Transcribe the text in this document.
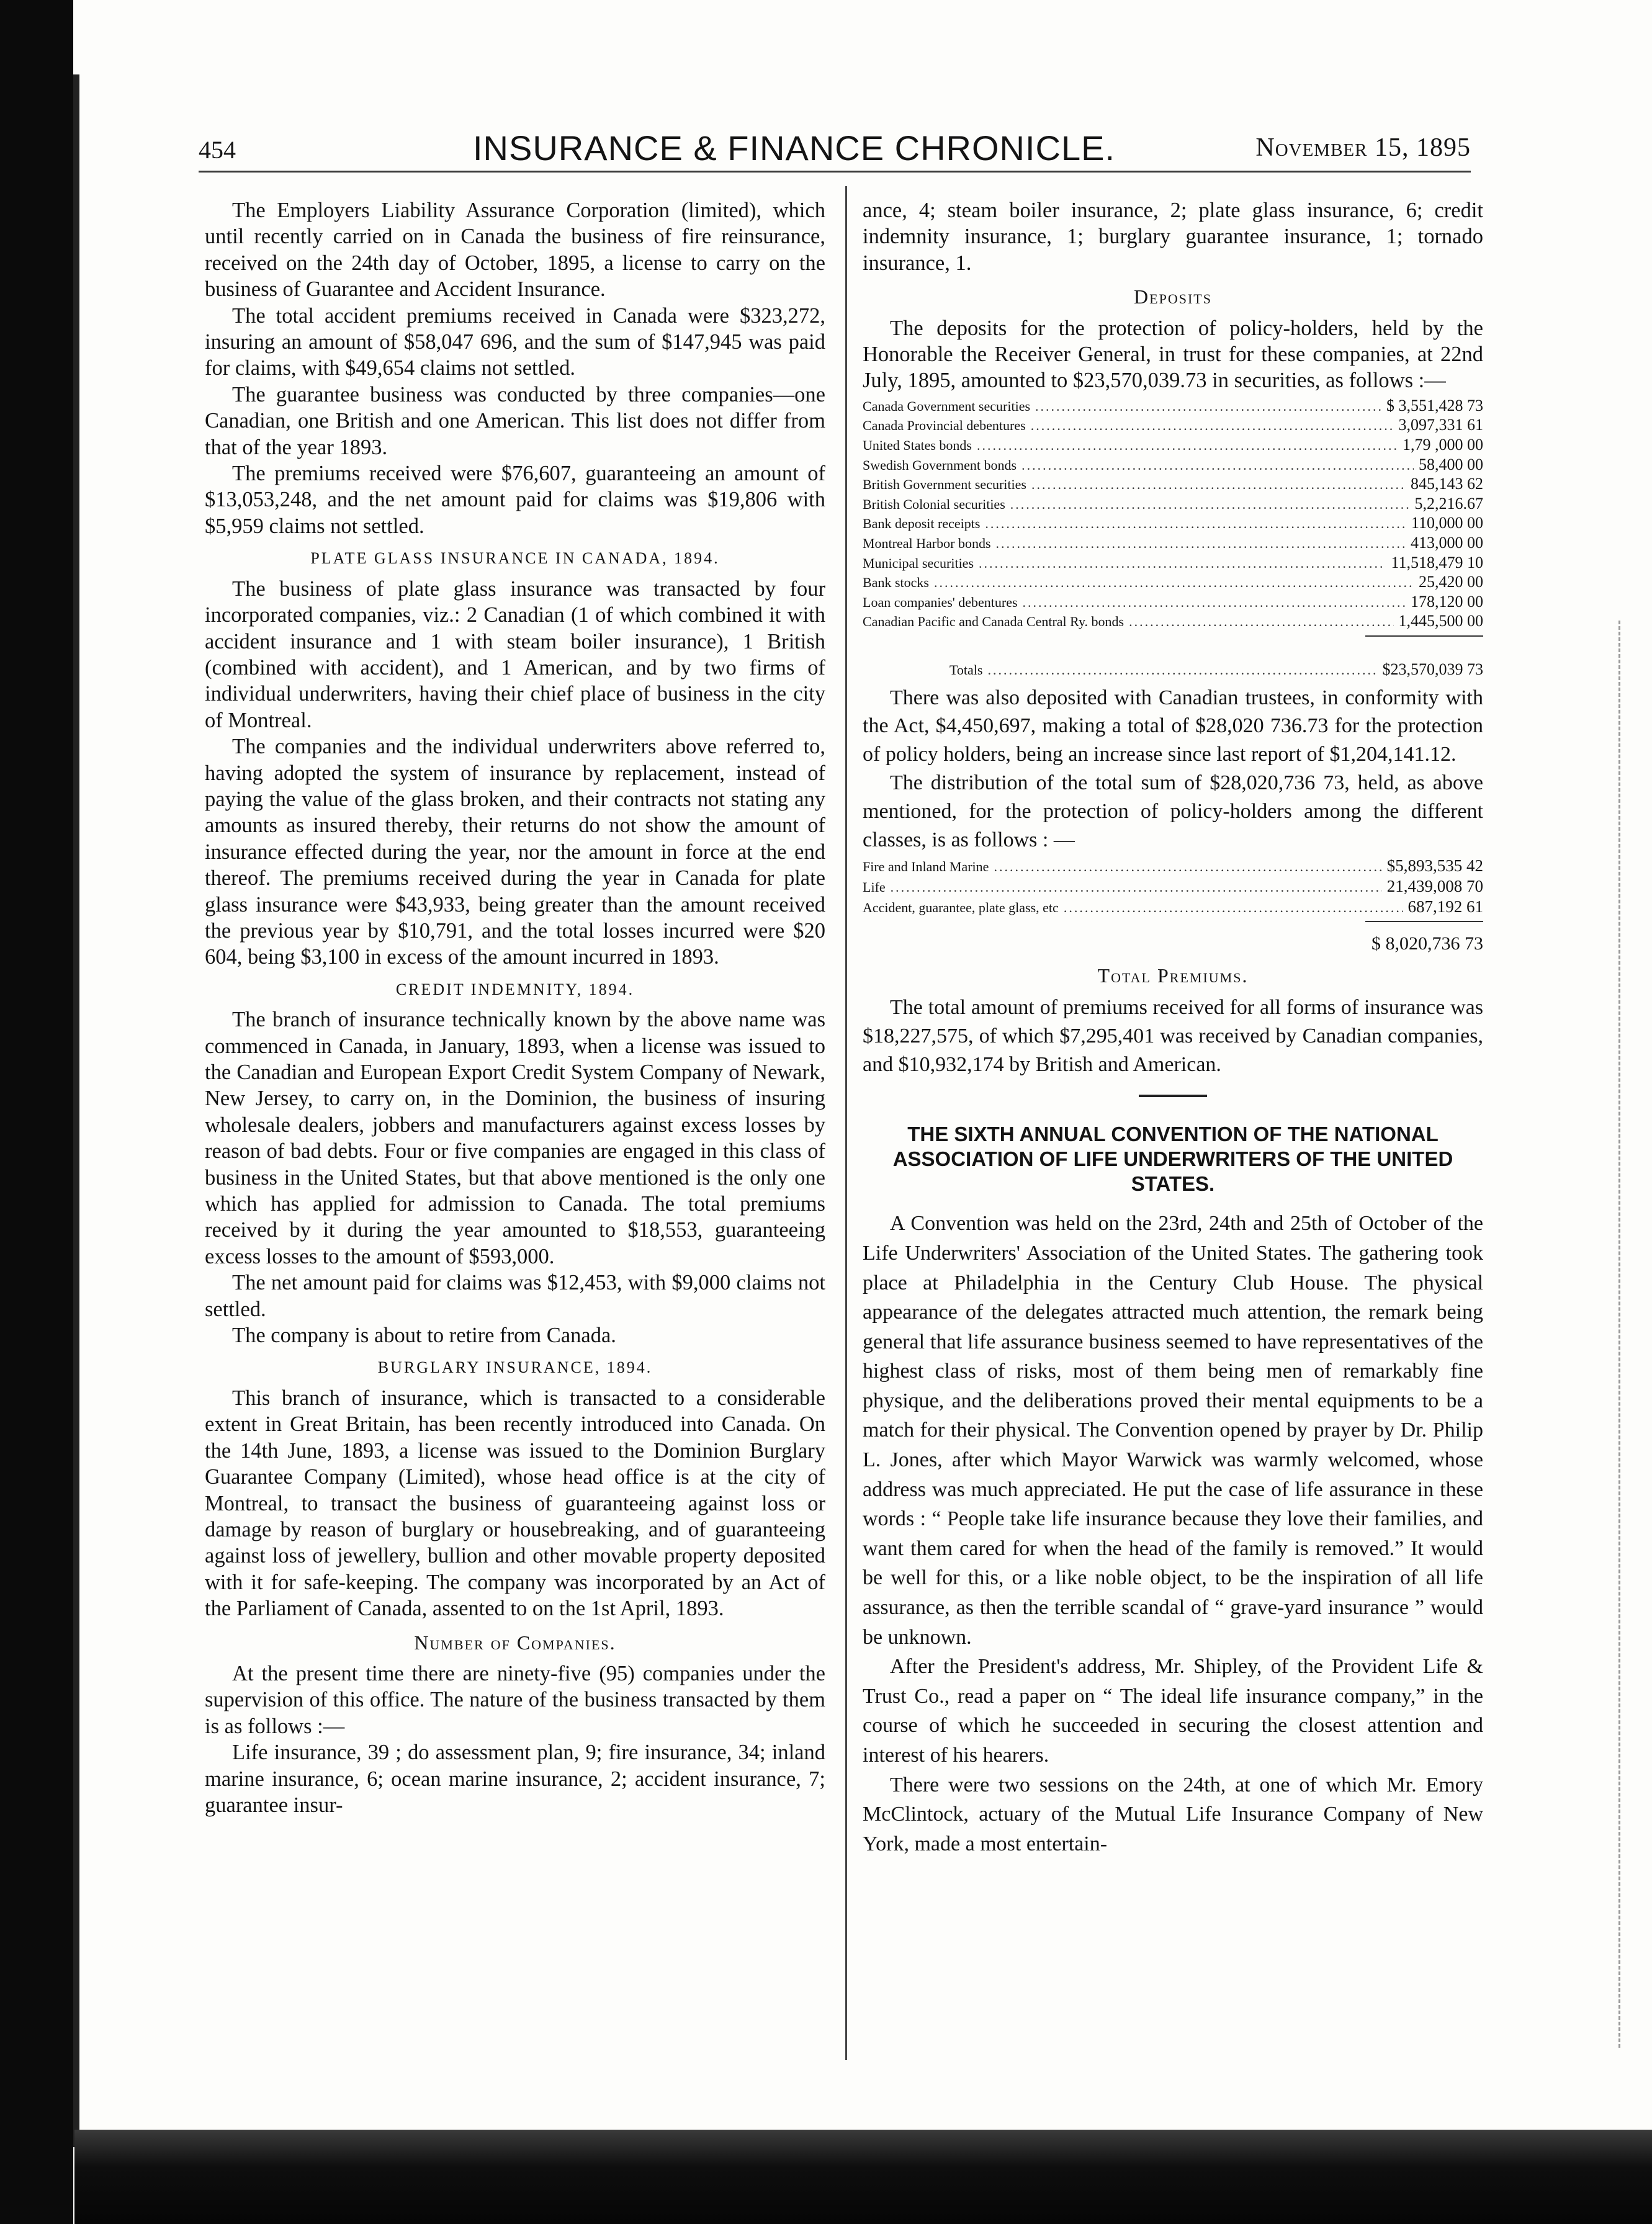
454	INSURANCE & FINANCE CHRONICLE.	November 15, 1895

The Employers Liability Assurance Corporation (limited), which until recently carried on in Canada the business of fire reinsurance, received on the 24th day of October, 1895, a license to carry on the business of Guarantee and Accident Insurance.

The total accident premiums received in Canada were $323,272, insuring an amount of $58,047 696, and the sum of $147,945 was paid for claims, with $49,654 claims not settled.

The guarantee business was conducted by three companies—one Canadian, one British and one American. This list does not differ from that of the year 1893.

The premiums received were $76,607, guaranteeing an amount of $13,053,248, and the net amount paid for claims was $19,806 with $5,959 claims not settled.

PLATE GLASS INSURANCE IN CANADA, 1894.

The business of plate glass insurance was transacted by four incorporated companies, viz.: 2 Canadian (1 of which combined it with accident insurance and 1 with steam boiler insurance), 1 British (combined with accident), and 1 American, and by two firms of individual underwriters, having their chief place of business in the city of Montreal.

The companies and the individual underwriters above referred to, having adopted the system of insurance by replacement, instead of paying the value of the glass broken, and their contracts not stating any amounts as insured thereby, their returns do not show the amount of insurance effected during the year, nor the amount in force at the end thereof. The premiums received during the year in Canada for plate glass insurance were $43,933, being greater than the amount received the previous year by $10,791, and the total losses incurred were $20 604, being $3,100 in excess of the amount incurred in 1893.

CREDIT INDEMNITY, 1894.

The branch of insurance technically known by the above name was commenced in Canada, in January, 1893, when a license was issued to the Canadian and European Export Credit System Company of Newark, New Jersey, to carry on, in the Dominion, the business of insuring wholesale dealers, jobbers and manufacturers against excess losses by reason of bad debts. Four or five companies are engaged in this class of business in the United States, but that above mentioned is the only one which has applied for admission to Canada. The total premiums received by it during the year amounted to $18,553, guaranteeing excess losses to the amount of $593,000.

The net amount paid for claims was $12,453, with $9,000 claims not settled.

The company is about to retire from Canada.

BURGLARY INSURANCE, 1894.

This branch of insurance, which is transacted to a considerable extent in Great Britain, has been recently introduced into Canada. On the 14th June, 1893, a license was issued to the Dominion Burglary Guarantee Company (Limited), whose head office is at the city of Montreal, to transact the business of guaranteeing against loss or damage by reason of burglary or housebreaking, and of guaranteeing against loss of jewellery, bullion and other movable property deposited with it for safe-keeping. The company was incorporated by an Act of the Parliament of Canada, assented to on the 1st April, 1893.

Number of Companies.

At the present time there are ninety-five (95) companies under the supervision of this office. The nature of the business transacted by them is as follows :—

Life insurance, 39 ; do assessment plan, 9; fire insurance, 34; inland marine insurance, 6; ocean marine insurance, 2; accident insurance, 7; guarantee insur-

ance, 4; steam boiler insurance, 2; plate glass insurance, 6; credit indemnity insurance, 1; burglary guarantee insurance, 1; tornado insurance, 1.

Deposits

The deposits for the protection of policy-holders, held by the Honorable the Receiver General, in trust for these companies, at 22nd July, 1895, amounted to $23,570,039.73 in securities, as follows :—

Canada Government securities .....	$ 3,551,428 73
Canada Provincial debentures .....	3,097,331 61
United States bonds .....	1,79 ,000 00
Swedish Government bonds .....	58,400 00
British Government securities .....	845,143 62
British Colonial securities .....	5,2,216.67
Bank deposit receipts .....	110,000 00
Montreal Harbor bonds .....	413,000 00
Municipal securities .....	11,518,479 10
Bank stocks .....	25,420 00
Loan companies' debentures .....	178,120 00
Canadian Pacific and Canada Central Ry. bonds .....	1,445,500 00
Totals .....	$23,570,039 73

There was also deposited with Canadian trustees, in conformity with the Act, $4,450,697, making a total of $28,020 736.73 for the protection of policy holders, being an increase since last report of $1,204,141.12.

The distribution of the total sum of $28,020,736 73, held, as above mentioned, for the protection of policy-holders among the different classes, is as follows : —

Fire and Inland Marine .....	$5,893,535 42
Life .....	21,439,008 70
Accident, guarantee, plate glass, etc .....	687,192 61
$ 8,020,736 73
Total Premiums.

The total amount of premiums received for all forms of insurance was $18,227,575, of which $7,295,401 was received by Canadian companies, and $10,932,174 by British and American.

THE SIXTH ANNUAL CONVENTION OF THE NATIONAL ASSOCIATION OF LIFE UNDERWRITERS OF THE UNITED STATES.

A Convention was held on the 23rd, 24th and 25th of October of the Life Underwriters' Association of the United States. The gathering took place at Philadelphia in the Century Club House. The physical appearance of the delegates attracted much attention, the remark being general that life assurance business seemed to have representatives of the highest class of risks, most of them being men of remarkably fine physique, and the deliberations proved their mental equipments to be a match for their physical. The Convention opened by prayer by Dr. Philip L. Jones, after which Mayor Warwick was warmly welcomed, whose address was much appreciated. He put the case of life assurance in these words : “ People take life insurance because they love their families, and want them cared for when the head of the family is removed.” It would be well for this, or a like noble object, to be the inspiration of all life assurance, as then the terrible scandal of “ grave-yard insurance ” would be unknown.

After the President's address, Mr. Shipley, of the Provident Life & Trust Co., read a paper on “ The ideal life insurance company,” in the course of which he succeeded in securing the closest attention and interest of his hearers.

There were two sessions on the 24th, at one of which Mr. Emory McClintock, actuary of the Mutual Life Insurance Company of New York, made a most entertain-
